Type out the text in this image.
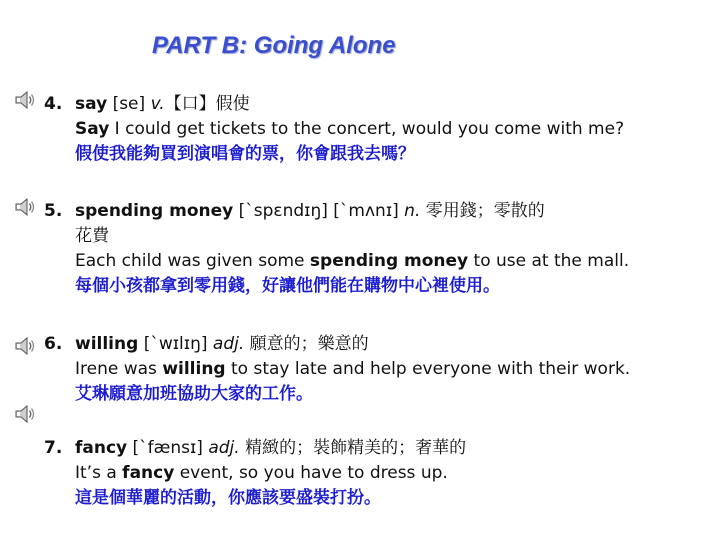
PART B: Going Alone
4. say [se] v.【口】假使
Say I could get tickets to the concert, would you come with me?
假使我能夠買到演唱會的票，你會跟我去嗎？
5. spending money [ˋspɛndɪŋ] [ˋmʌnɪ] n. 零用錢；零散的
花費
Each child was given some spending money to use at the mall.
每個小孩都拿到零用錢，好讓他們能在購物中心裡使用。
6. willing [ˋwɪlɪŋ] adj. 願意的；樂意的
Irene was willing to stay late and help everyone with their work.
艾琳願意加班協助大家的工作。
7. fancy [ˋfænsɪ] adj. 精緻的；裝飾精美的；奢華的
It’s a fancy event, so you have to dress up.
這是個華麗的活動，你應該要盛裝打扮。
